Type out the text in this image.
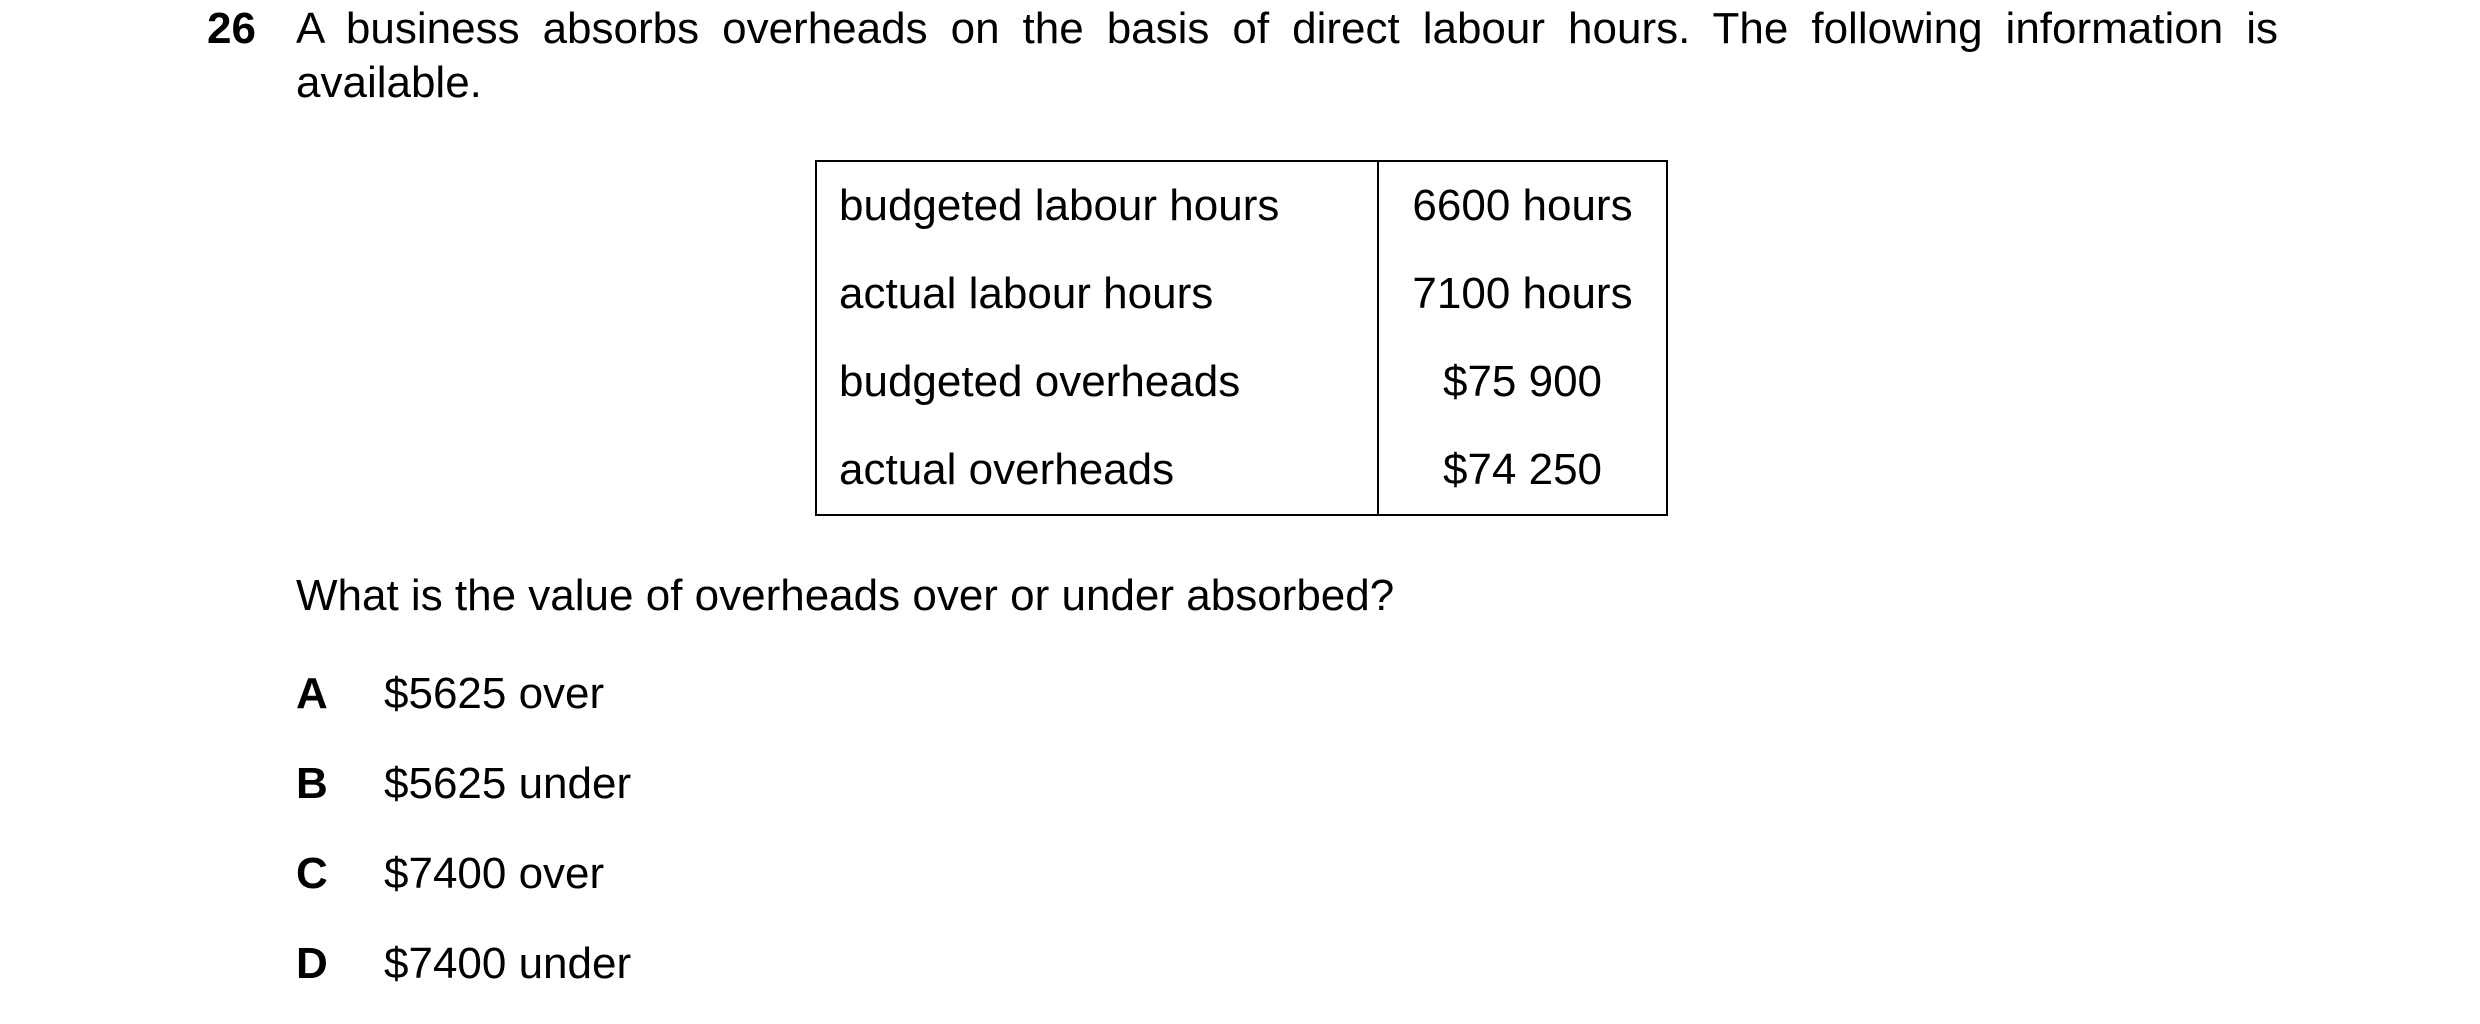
26 A business absorbs overheads on the basis of direct labour hours. The following information is available.
budgeted labour hours	6600 hours
actual labour hours	7100 hours
budgeted overheads	$75 900
actual overheads	$74 250
What is the value of overheads over or under absorbed?
A $5625 over
B $5625 under
C $7400 over
D $7400 under
